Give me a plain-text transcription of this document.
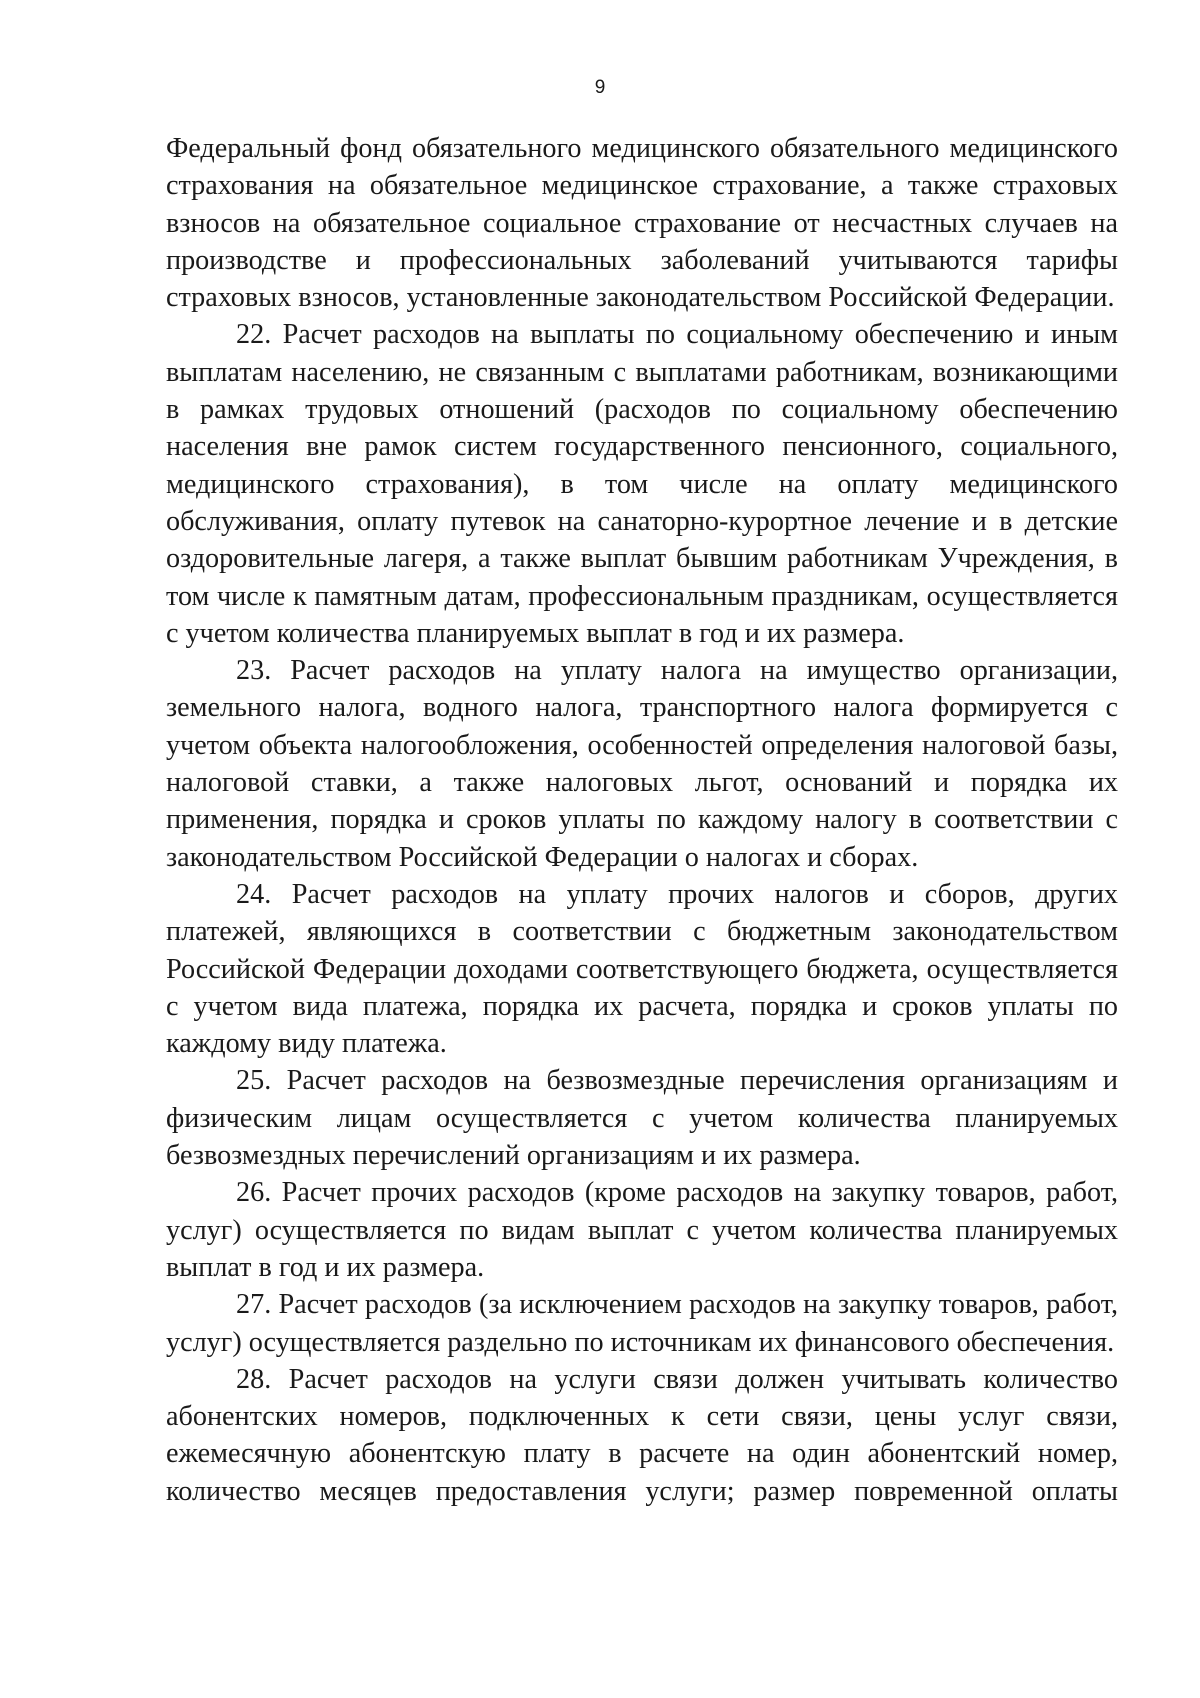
9

Федеральный фонд обязательного медицинского обязательного медицинского страхования на обязательное медицинское страхование, а также страховых взносов на обязательное социальное страхование от несчастных случаев на производстве и профессиональных заболеваний учитываются тарифы страховых взносов, установленные законодательством Российской Федерации.

22. Расчет расходов на выплаты по социальному обеспечению и иным выплатам населению, не связанным с выплатами работникам, возникающими в рамках трудовых отношений (расходов по социальному обеспечению населения вне рамок систем государственного пенсионного, социального, медицинского страхования), в том числе на оплату медицинского обслуживания, оплату путевок на санаторно-курортное лечение и в детские оздоровительные лагеря, а также выплат бывшим работникам Учреждения, в том числе к памятным датам, профессиональным праздникам, осуществляется с учетом количества планируемых выплат в год и их размера.

23. Расчет расходов на уплату налога на имущество организации, земельного налога, водного налога, транспортного налога формируется с учетом объекта налогообложения, особенностей определения налоговой базы, налоговой ставки, а также налоговых льгот, оснований и порядка их применения, порядка и сроков уплаты по каждому налогу в соответствии с законодательством Российской Федерации о налогах и сборах.

24. Расчет расходов на уплату прочих налогов и сборов, других платежей, являющихся в соответствии с бюджетным законодательством Российской Федерации доходами соответствующего бюджета, осуществляется с учетом вида платежа, порядка их расчета, порядка и сроков уплаты по каждому виду платежа.

25. Расчет расходов на безвозмездные перечисления организациям и физическим лицам осуществляется с учетом количества планируемых безвозмездных перечислений организациям и их размера.

26. Расчет прочих расходов (кроме расходов на закупку товаров, работ, услуг) осуществляется по видам выплат с учетом количества планируемых выплат в год и их размера.

27. Расчет расходов (за исключением расходов на закупку товаров, работ, услуг) осуществляется раздельно по источникам их финансового обеспечения.

28. Расчет расходов на услуги связи должен учитывать количество абонентских номеров, подключенных к сети связи, цены услуг связи, ежемесячную абонентскую плату в расчете на один абонентский номер, количество месяцев предоставления услуги; размер повременной оплаты
